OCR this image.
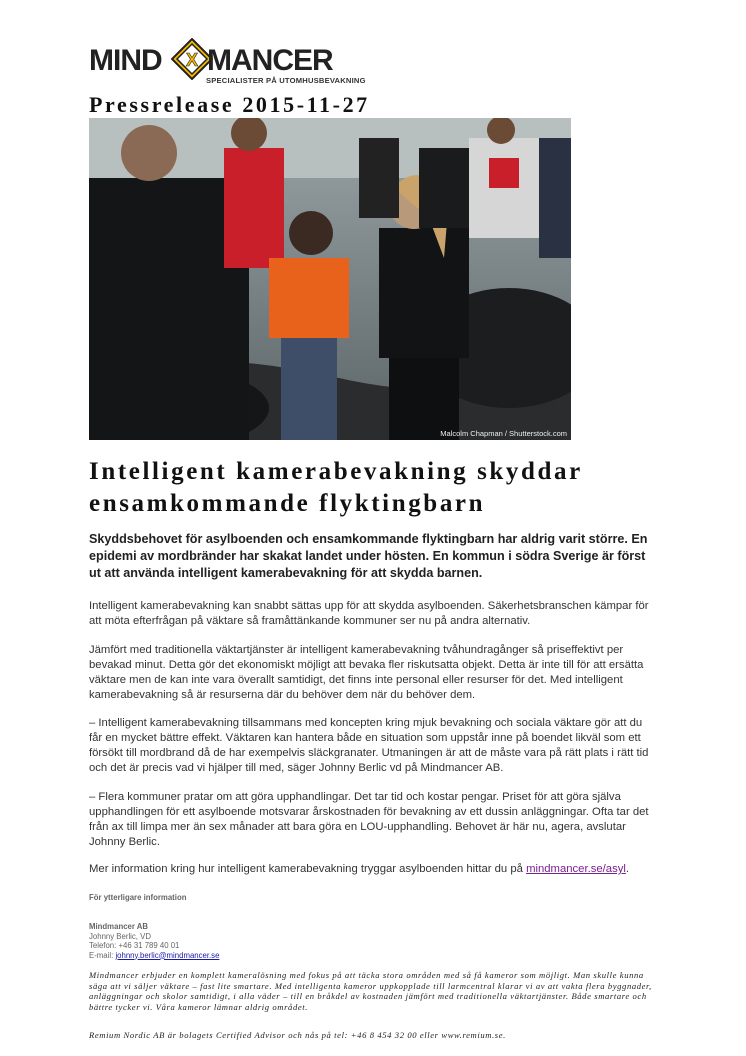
MIND X MANCER
SPECIALISTER PÅ UTOMHUSBEVAKNING
Pressrelease 2015-11-27
Malcolm Chapman / Shutterstock.com
Intelligent kamerabevakning skyddar ensamkommande flyktingbarn

Skyddsbehovet för asylboenden och ensamkommande flyktingbarn har aldrig varit större. En epidemi av mordbränder har skakat landet under hösten. En kommun i södra Sverige är först ut att använda intelligent kamerabevakning för att skydda barnen.

Intelligent kamerabevakning kan snabbt sättas upp för att skydda asylboenden. Säkerhetsbranschen kämpar för att möta efterfrågan på väktare så framåttänkande kommuner ser nu på andra alternativ.

Jämfört med traditionella väktartjänster är intelligent kamerabevakning tvåhundragånger så priseffektivt per bevakad minut. Detta gör det ekonomiskt möjligt att bevaka fler riskutsatta objekt. Detta är inte till för att ersätta väktare men de kan inte vara överallt samtidigt, det finns inte personal eller resurser för det. Med intelligent kamerabevakning så är resurserna där du behöver dem när du behöver dem.

– Intelligent kamerabevakning tillsammans med koncepten kring mjuk bevakning och sociala väktare gör att du får en mycket bättre effekt. Väktaren kan hantera både en situation som uppstår inne på boendet likväl som ett försökt till mordbrand då de har exempelvis släckgranater. Utmaningen är att de måste vara på rätt plats i rätt tid och det är precis vad vi hjälper till med, säger Johnny Berlic vd på Mindmancer AB.

– Flera kommuner pratar om att göra upphandlingar. Det tar tid och kostar pengar. Priset för att göra själva upphandlingen för ett asylboende motsvarar årskostnaden för bevakning av ett dussin anläggningar. Ofta tar det från ax till limpa mer än sex månader att bara göra en LOU-upphandling. Behovet är här nu, agera, avslutar Johnny Berlic.

Mer information kring hur intelligent kamerabevakning tryggar asylboenden hittar du på mindmancer.se/asyl.

För ytterligare information
Mindmancer AB
Johnny Berlic, VD
Telefon: +46 31 789 40 01
E-mail: johnny.berlic@mindmancer.se

Mindmancer erbjuder en komplett kameralösning med fokus på att täcka stora områden med så få kameror som möjligt. Man skulle kunna säga att vi säljer väktare – fast lite smartare. Med intelligenta kameror uppkopplade till larmcentral klarar vi av att vakta flera byggnader, anläggningar och skolor samtidigt, i alla väder – till en bråkdel av kostnaden jämfört med traditionella väktartjänster. Både smartare och bättre tycker vi. Våra kameror lämnar aldrig området.

Remium Nordic AB är bolagets Certified Advisor och nås på tel: +46 8 454 32 00 eller www.remium.se.
